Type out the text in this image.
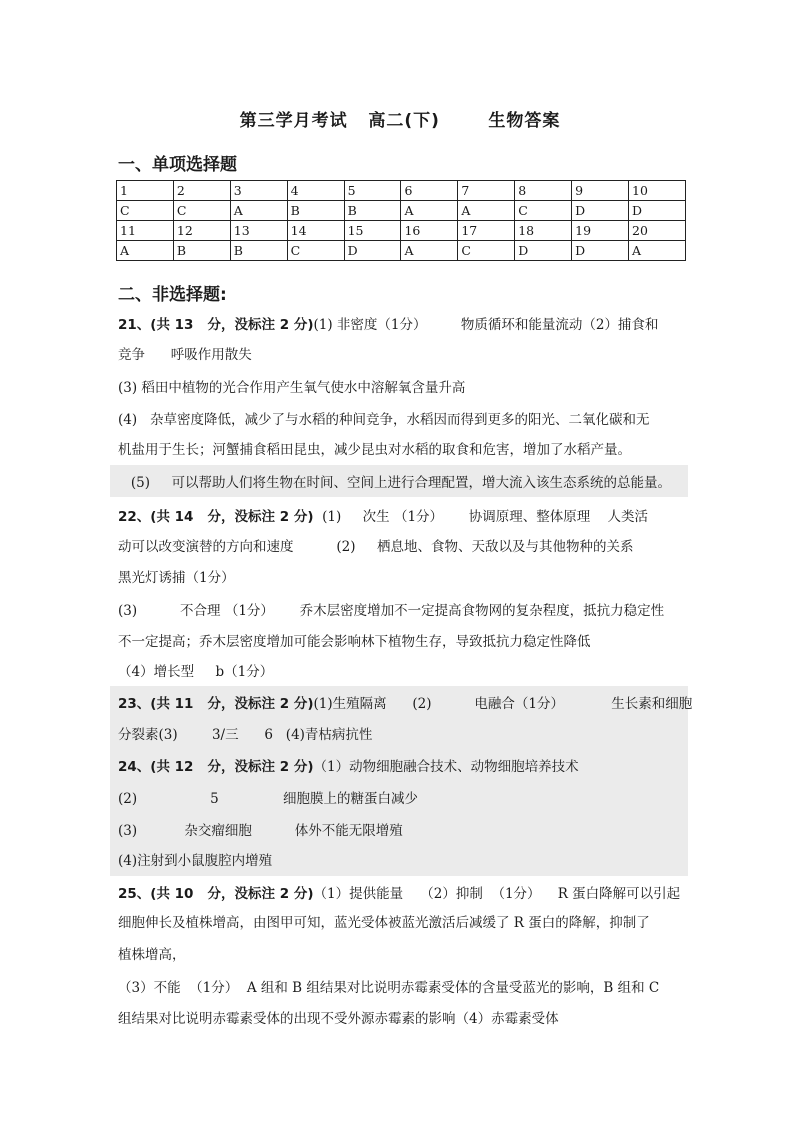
第三学月考试   高二(下)       生物答案
一、单项选择题
1	2	3	4	5	6	7	8	9	10
C	C	A	B	B	A	A	C	D	D
11	12	13	14	15	16	17	18	19	20
A	B	B	C	D	A	C	D	D	A
二、非选择题:
21、(共 13   分，没标注 2 分)(1) 非密度（1分）        物质循环和能量流动（2）捕食和
竞争      呼吸作用散失
(3) 稻田中植物的光合作用产生氧气使水中溶解氧含量升高
(4)   杂草密度降低，减少了与水稻的种间竞争，水稻因而得到更多的阳光、二氧化碳和无
机盐用于生长；河蟹捕食稻田昆虫，减少昆虫对水稻的取食和危害，增加了水稻产量。
(5)     可以帮助人们将生物在时间、空间上进行合理配置，增大流入该生态系统的总能量。
22、(共 14   分，没标注 2 分)  (1)     次生 （1分）      协调原理、整体原理    人类活
动可以改变演替的方向和速度          (2)     栖息地、食物、天敌以及与其他物种的关系
黑光灯诱捕（1分）
(3)          不合理 （1分）      乔木层密度增加不一定提高食物网的复杂程度，抵抗力稳定性
不一定提高；乔木层密度增加可能会影响林下植物生存，导致抵抗力稳定性降低
（4）增长型     b（1分）
23、(共 11   分，没标注 2 分)(1)生殖隔离      (2)          电融合（1分）           生长素和细胞
分裂素(3)        3/三      6   (4)青枯病抗性
24、(共 12   分，没标注 2 分)（1）动物细胞融合技术、动物细胞培养技术
(2)                 5               细胞膜上的糖蛋白减少
(3)           杂交瘤细胞          体外不能无限增殖
(4)注射到小鼠腹腔内增殖
25、(共 10   分，没标注 2 分)（1）提供能量    （2）抑制  （1分）    R 蛋白降解可以引起
细胞伸长及植株增高，由图甲可知，蓝光受体被蓝光激活后减缓了 R 蛋白的降解，抑制了
植株增高，
（3）不能  （1分）  A 组和 B 组结果对比说明赤霉素受体的含量受蓝光的影响，B 组和 C
组结果对比说明赤霉素受体的出现不受外源赤霉素的影响（4）赤霉素受体
